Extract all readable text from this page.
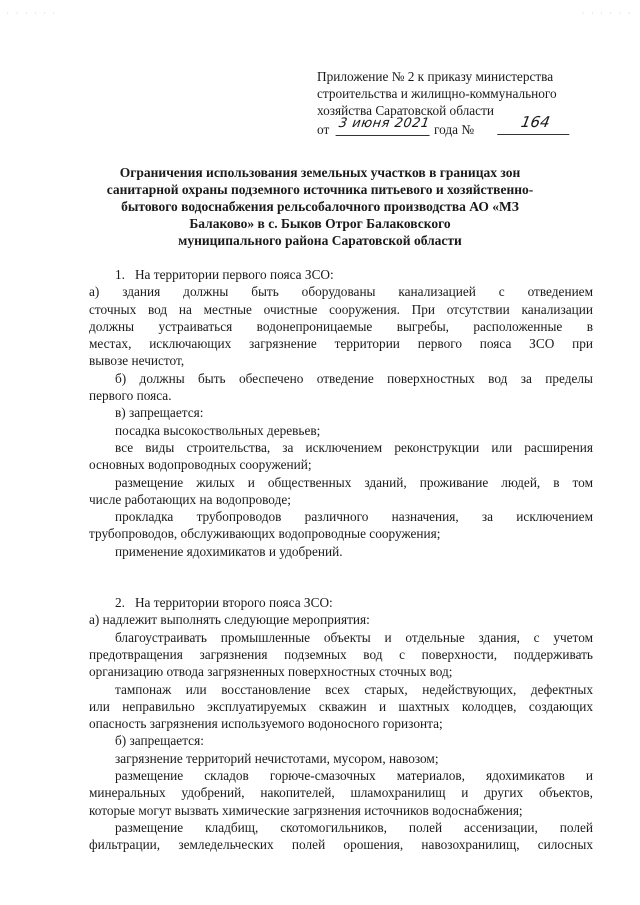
· · · · · ·	· · · · · ·

Приложение № 2 к приказу министерства

строительства и жилищно-коммунального

хозяйства Саратовской области

от 3 июня 2021 года №	164
Ограничения использования земельных участков в границах зон
санитарной охраны подземного источника питьевого и хозяйственно-
бытового водоснабжения рельсобалочного производства АО «МЗ
Балаково» в с. Быков Отрог Балаковского
муниципального района Саратовской области

1.   На территории первого пояса ЗСО:

а) здания должны быть оборудованы канализацией с отведением

сточных вод на местные очистные сооружения. При отсутствии канализации

должны устраиваться водонепроницаемые выгребы, расположенные в

местах, исключающих загрязнение территории первого пояса ЗСО при

вывозе нечистот,

б) должны быть обеспечено отведение поверхностных вод за пределы

первого пояса.

в) запрещается:

посадка высокоствольных деревьев;

все виды строительства, за исключением реконструкции или расширения

основных водопроводных сооружений;

размещение жилых и общественных зданий, проживание людей, в том

числе работающих на водопроводе;

прокладка трубопроводов различного назначения, за исключением

трубопроводов, обслуживающих водопроводные сооружения;

применение ядохимикатов и удобрений.

2.   На территории второго пояса ЗСО:

а) надлежит выполнять следующие мероприятия:

благоустраивать промышленные объекты и отдельные здания, с учетом

предотвращения загрязнения подземных вод с поверхности, поддерживать

организацию отвода загрязненных поверхностных сточных вод;

тампонаж или восстановление всех старых, недействующих, дефектных

или неправильно эксплуатируемых скважин и шахтных колодцев, создающих

опасность загрязнения используемого водоносного горизонта;

б) запрещается:

загрязнение территорий нечистотами, мусором, навозом;

размещение складов горюче-смазочных материалов, ядохимикатов и

минеральных удобрений, накопителей, шламохранилищ и других объектов,

которые могут вызвать химические загрязнения источников водоснабжения;

размещение кладбищ, скотомогильников, полей ассенизации, полей

фильтрации, земледельческих полей орошения, навозохранилищ, силосных
